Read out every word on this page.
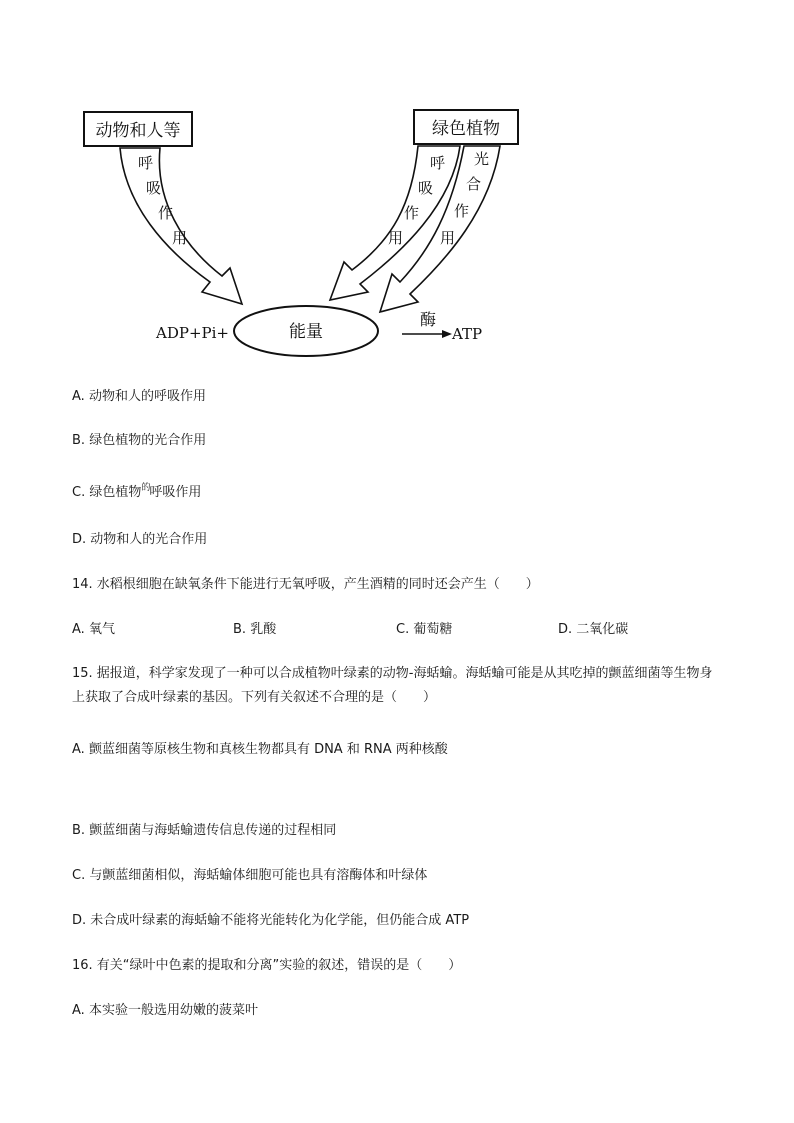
动物和人等	绿色植物
呼
吸
作
用
呼
吸
作
用
光
合
作
用
ADP+Pi+	能量
酶
ATP
A. 动物和人的呼吸作用
B. 绿色植物的光合作用
C. 绿色植物$^的$呼吸作用
D. 动物和人的光合作用
14. 水稻根细胞在缺氧条件下能进行无氧呼吸，产生酒精的同时还会产生（　　）
A. 氧气	B. 乳酸	C. 葡萄糖	D. 二氧化碳
15. 据报道，科学家发现了一种可以合成植物叶绿素的动物-海蛞蝓。海蛞蝓可能是从其吃掉的颤蓝细菌等生物身上获取了合成叶绿素的基因。下列有关叙述不合理的是（　　）
A. 颤蓝细菌等原核生物和真核生物都具有 DNA 和 RNA 两种核酸
B. 颤蓝细菌与海蛞蝓遗传信息传递的过程相同
C. 与颤蓝细菌相似，海蛞蝓体细胞可能也具有溶酶体和叶绿体
D. 未合成叶绿素的海蛞蝓不能将光能转化为化学能，但仍能合成 ATP
16. 有关“绿叶中色素的提取和分离”实验的叙述，错误的是（　　）
A. 本实验一般选用幼嫩的菠菜叶
